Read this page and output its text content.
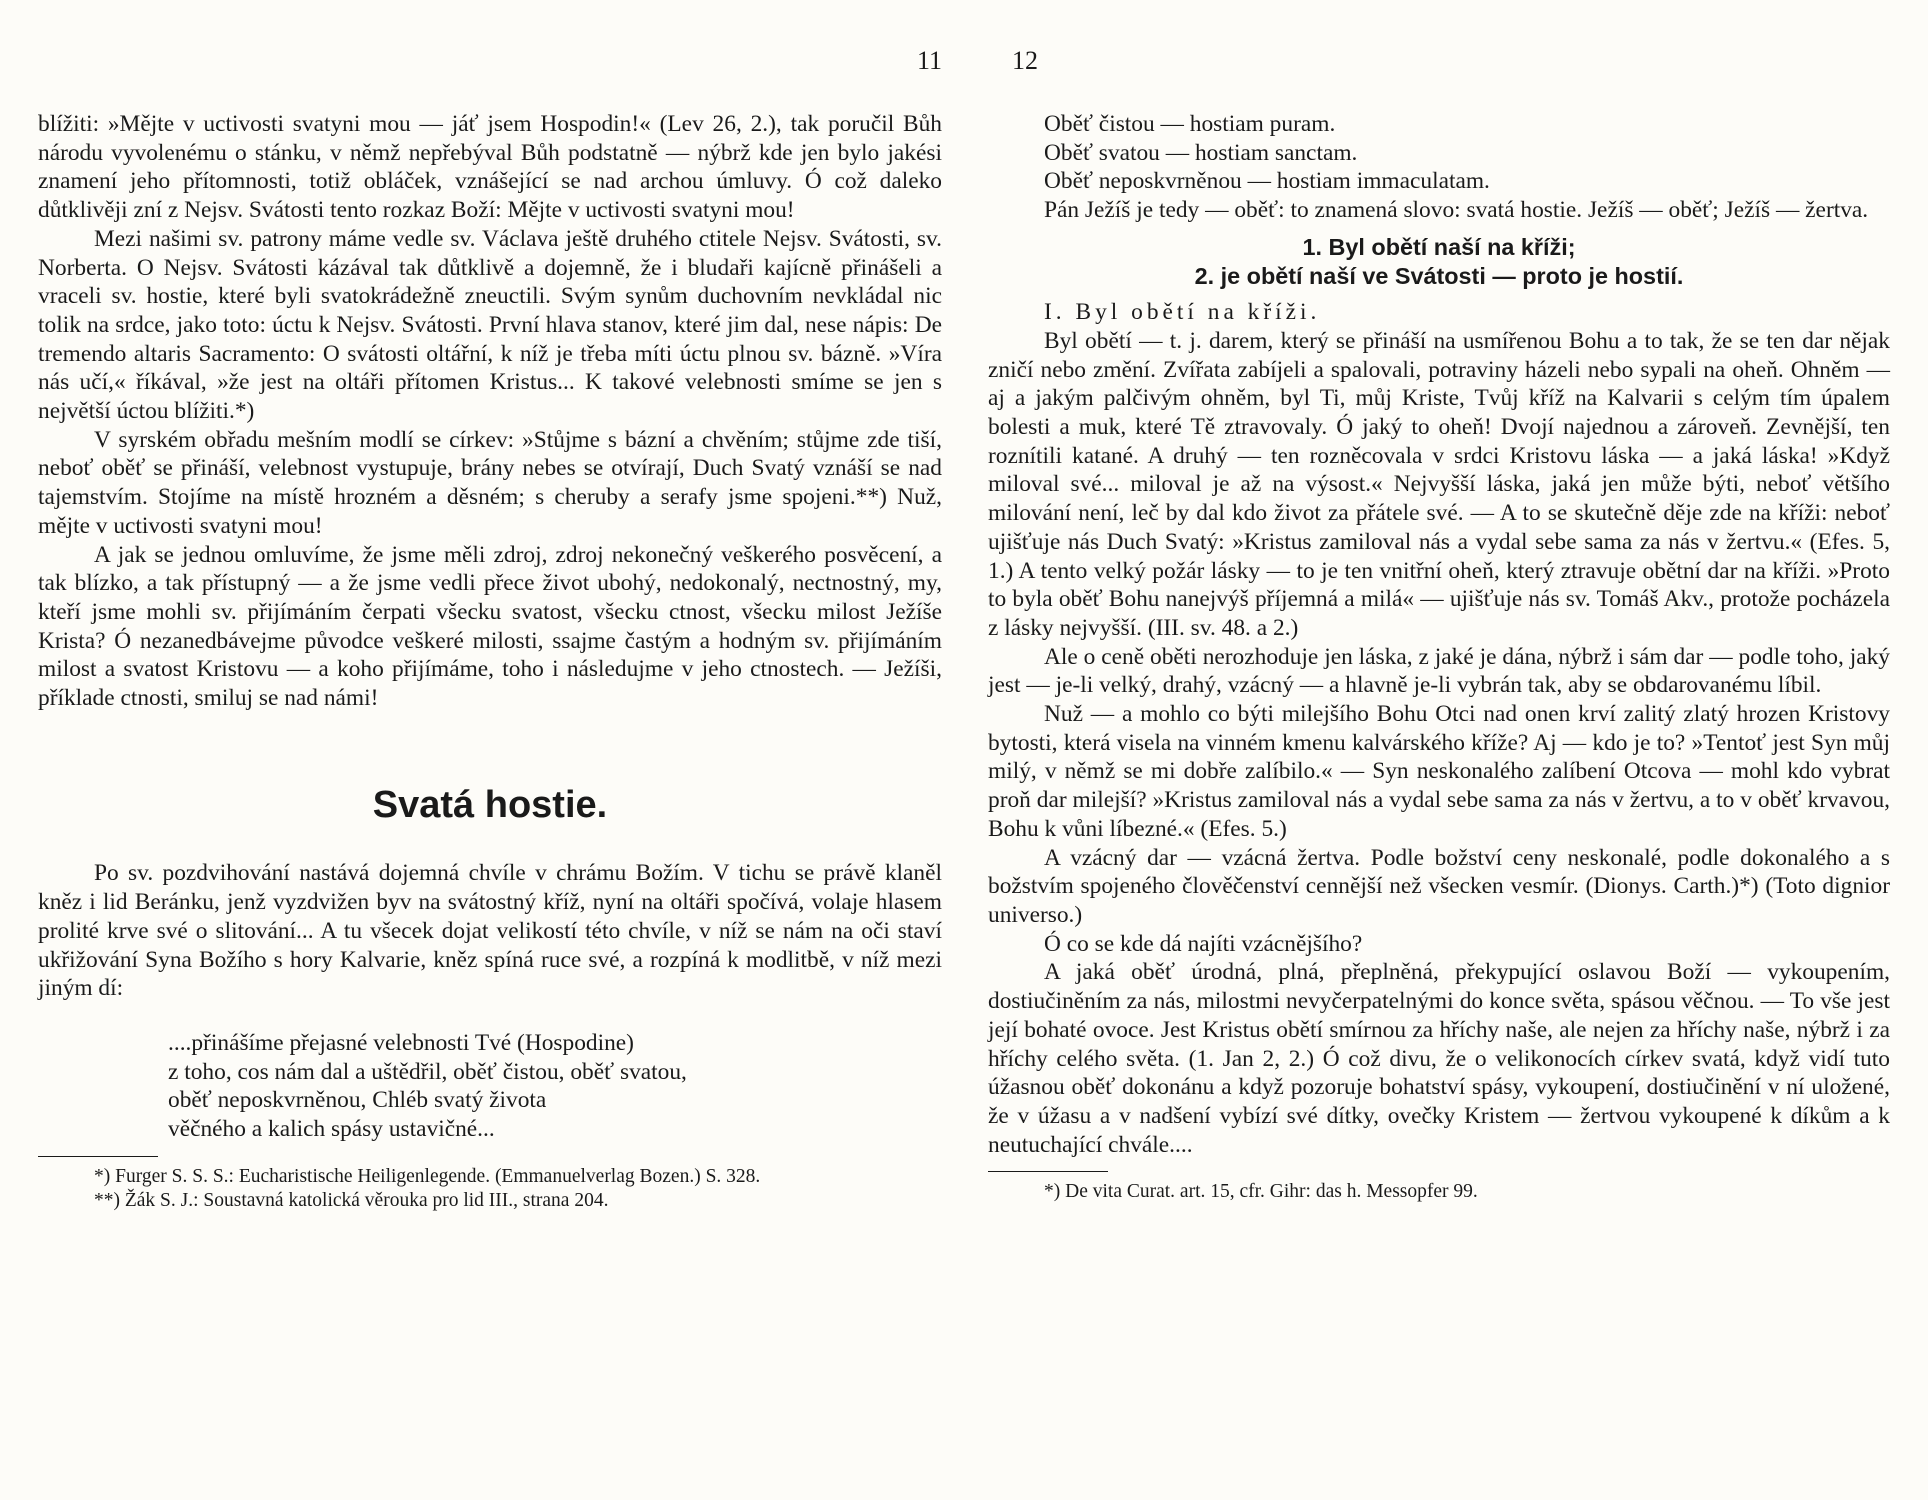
11

blížiti: »Mějte v uctivosti svatyni mou — jáť jsem Hospodin!« (Lev 26, 2.), tak poručil Bůh národu vyvolenému o stánku, v němž nepřebýval Bůh podstatně — nýbrž kde jen bylo jakési znamení jeho přítomnosti, totiž obláček, vznášející se nad archou úmluvy. Ó což daleko důtklivěji zní z Nejsv. Svátosti tento rozkaz Boží: Mějte v uctivosti svatyni mou!

Mezi našimi sv. patrony máme vedle sv. Václava ještě druhého ctitele Nejsv. Svátosti, sv. Norberta. O Nejsv. Svátosti kázával tak důtklivě a dojemně, že i bludaři kajícně přinášeli a vraceli sv. hostie, které byli svatokrádežně zneuctili. Svým synům duchovním nevkládal nic tolik na srdce, jako toto: úctu k Nejsv. Svátosti. První hlava stanov, které jim dal, nese nápis: De tremendo altaris Sacramento: O svátosti oltářní, k níž je třeba míti úctu plnou sv. bázně. »Víra nás učí,« říkával, »že jest na oltáři přítomen Kristus... K takové velebnosti smíme se jen s největší úctou blížiti.*)

V syrském obřadu mešním modlí se církev: »Stůjme s bázní a chvěním; stůjme zde tiší, neboť oběť se přináší, velebnost vystupuje, brány nebes se otvírají, Duch Svatý vznáší se nad tajemstvím. Stojíme na místě hrozném a děsném; s cheruby a serafy jsme spojeni.**) Nuž, mějte v uctivosti svatyni mou!

A jak se jednou omluvíme, že jsme měli zdroj, zdroj nekonečný veškerého posvěcení, a tak blízko, a tak přístupný — a že jsme vedli přece život ubohý, nedokonalý, nectnostný, my, kteří jsme mohli sv. přijímáním čerpati všecku svatost, všecku ctnost, všecku milost Ježíše Krista? Ó nezanedbávejme původce veškeré milosti, ssajme častým a hodným sv. přijímáním milost a svatost Kristovu — a koho přijímáme, toho i následujme v jeho ctnostech. — Ježíši, příklade ctnosti, smiluj se nad námi!

Svatá hostie.

Po sv. pozdvihování nastává dojemná chvíle v chrámu Božím. V tichu se právě klaněl kněz i lid Beránku, jenž vyzdvižen byv na svátostný kříž, nyní na oltáři spočívá, volaje hlasem prolité krve své o slitování... A tu všecek dojat velikostí této chvíle, v níž se nám na oči staví ukřižování Syna Božího s hory Kalvarie, kněz spíná ruce své, a rozpíná k modlitbě, v níž mezi jiným dí:

....přinášíme přejasné velebnosti Tvé (Hospodine)
z toho, cos nám dal a uštědřil, oběť čistou, oběť svatou,
oběť neposkvrněnou, Chléb svatý života
věčného a kalich spásy ustavičné...

*) Furger S. S. S.: Eucharistische Heiligenlegende. (Emmanuelverlag Bozen.) S. 328.

**) Žák S. J.: Soustavná katolická věrouka pro lid III., strana 204.

12

Oběť čistou — hostiam puram.

Oběť svatou — hostiam sanctam.

Oběť neposkvrněnou — hostiam immaculatam.

Pán Ježíš je tedy — oběť: to znamená slovo: svatá hostie. Ježíš — oběť; Ježíš — žertva.

1. Byl obětí naší na kříži;

2. je obětí naší ve Svátosti — proto je hostií.

I. Byl obětí na kříži.

Byl obětí — t. j. darem, který se přináší na usmířenou Bohu a to tak, že se ten dar nějak zničí nebo změní. Zvířata zabíjeli a spalovali, potraviny házeli nebo sypali na oheň. Ohněm — aj a jakým palčivým ohněm, byl Ti, můj Kriste, Tvůj kříž na Kalvarii s celým tím úpalem bolesti a muk, které Tě ztravovaly. Ó jaký to oheň! Dvojí najednou a zároveň. Zevnější, ten roznítili katané. A druhý — ten rozněcovala v srdci Kristovu láska — a jaká láska! »Když miloval své... miloval je až na výsost.« Nejvyšší láska, jaká jen může býti, neboť většího milování není, leč by dal kdo život za přátele své. — A to se skutečně děje zde na kříži: neboť ujišťuje nás Duch Svatý: »Kristus zamiloval nás a vydal sebe sama za nás v žertvu.« (Efes. 5, 1.) A tento velký požár lásky — to je ten vnitřní oheň, který ztravuje obětní dar na kříži. »Proto to byla oběť Bohu nanejvýš příjemná a milá« — ujišťuje nás sv. Tomáš Akv., protože pocházela z lásky nejvyšší. (III. sv. 48. a 2.)

Ale o ceně oběti nerozhoduje jen láska, z jaké je dána, nýbrž i sám dar — podle toho, jaký jest — je-li velký, drahý, vzácný — a hlavně je-li vybrán tak, aby se obdarovanému líbil.

Nuž — a mohlo co býti milejšího Bohu Otci nad onen krví zalitý zlatý hrozen Kristovy bytosti, která visela na vinném kmenu kalvárského kříže? Aj — kdo je to? »Tentoť jest Syn můj milý, v němž se mi dobře zalíbilo.« — Syn neskonalého zalíbení Otcova — mohl kdo vybrat proň dar milejší? »Kristus zamiloval nás a vydal sebe sama za nás v žertvu, a to v oběť krvavou, Bohu k vůni líbezné.« (Efes. 5.)

A vzácný dar — vzácná žertva. Podle božství ceny neskonalé, podle dokonalého a s božstvím spojeného člověčenství cennější než všecken vesmír. (Dionys. Carth.)*) (Toto dignior universo.)

Ó co se kde dá najíti vzácnějšího?

A jaká oběť úrodná, plná, přeplněná, překypující oslavou Boží — vykoupením, dostiučiněním za nás, milostmi nevyčerpatelnými do konce světa, spásou věčnou. — To vše jest její bohaté ovoce. Jest Kristus obětí smírnou za hříchy naše, ale nejen za hříchy naše, nýbrž i za hříchy celého světa. (1. Jan 2, 2.) Ó což divu, že o velikonocích církev svatá, když vidí tuto úžasnou oběť dokonánu a když pozoruje bohatství spásy, vykoupení, dostiučinění v ní uložené, že v úžasu a v nadšení vybízí své dítky, ovečky Kristem — žertvou vykoupené k díkům a k neutuchající chvále....

*) De vita Curat. art. 15, cfr. Gihr: das h. Messopfer 99.
